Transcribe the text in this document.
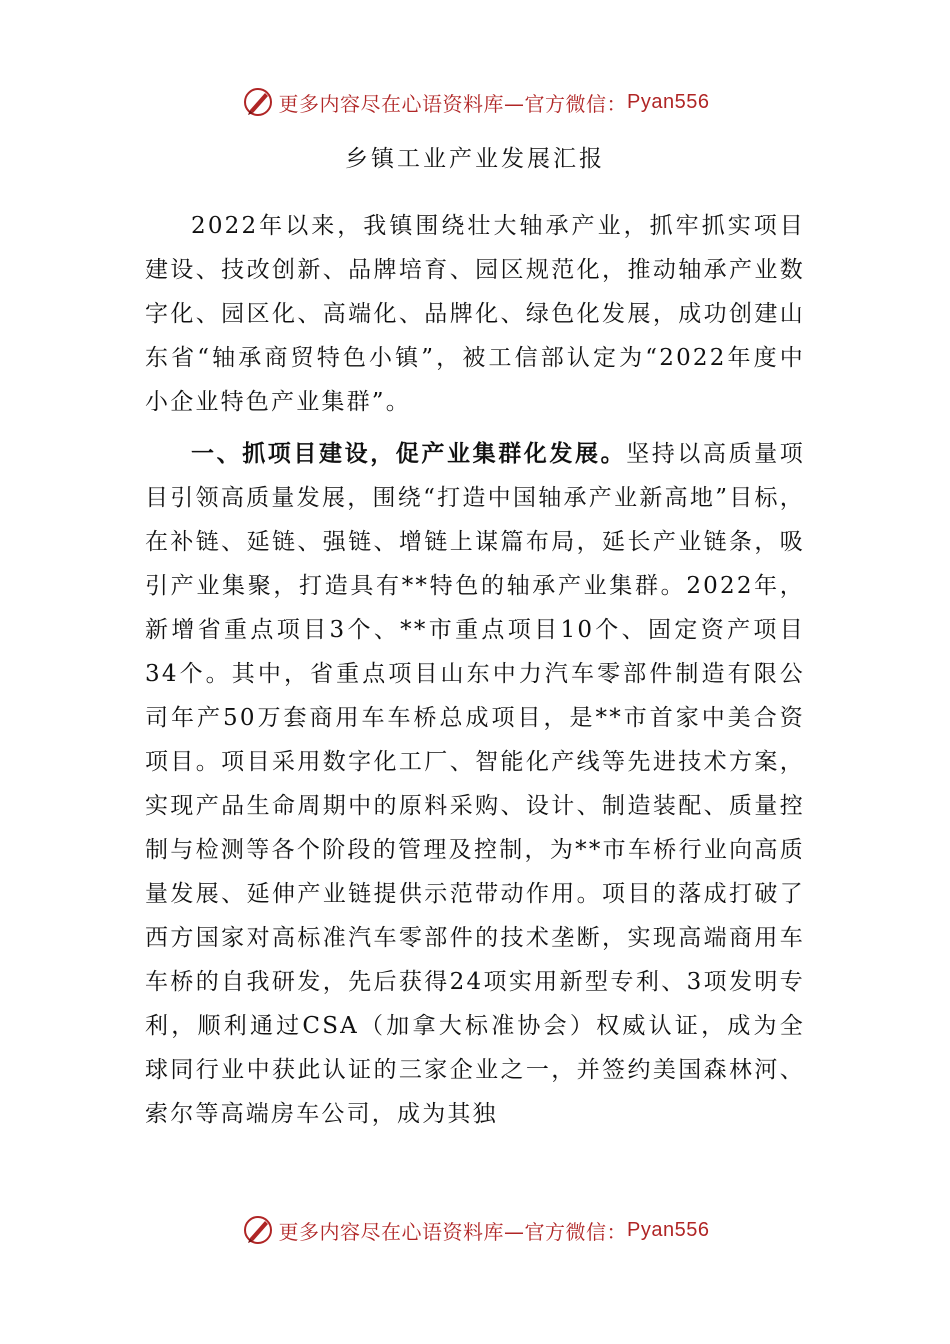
更多内容尽在心语资料库—官方微信： Pyan556
乡镇工业产业发展汇报

2022年以来，我镇围绕壮大轴承产业，抓牢抓实项目建设、技改创新、品牌培育、园区规范化，推动轴承产业数字化、园区化、高端化、品牌化、绿色化发展，成功创建山东省“轴承商贸特色小镇”，被工信部认定为“2022年度中小企业特色产业集群”。

一、抓项目建设，促产业集群化发展。坚持以高质量项目引领高质量发展，围绕“打造中国轴承产业新高地”目标，在补链、延链、强链、增链上谋篇布局，延长产业链条，吸引产业集聚，打造具有**特色的轴承产业集群。2022年，新增省重点项目3个、**市重点项目10个、固定资产项目34个。其中，省重点项目山东中力汽车零部件制造有限公司年产50万套商用车车桥总成项目，是**市首家中美合资项目。项目采用数字化工厂、智能化产线等先进技术方案，实现产品生命周期中的原料采购、设计、制造装配、质量控制与检测等各个阶段的管理及控制，为**市车桥行业向高质量发展、延伸产业链提供示范带动作用。项目的落成打破了西方国家对高标准汽车零部件的技术垄断，实现高端商用车车桥的自我研发，先后获得24项实用新型专利、3项发明专利，顺利通过CSA（加拿大标准协会）权威认证，成为全球同行业中获此认证的三家企业之一，并签约美国森林河、索尔等高端房车公司，成为其独

更多内容尽在心语资料库—官方微信： Pyan556
